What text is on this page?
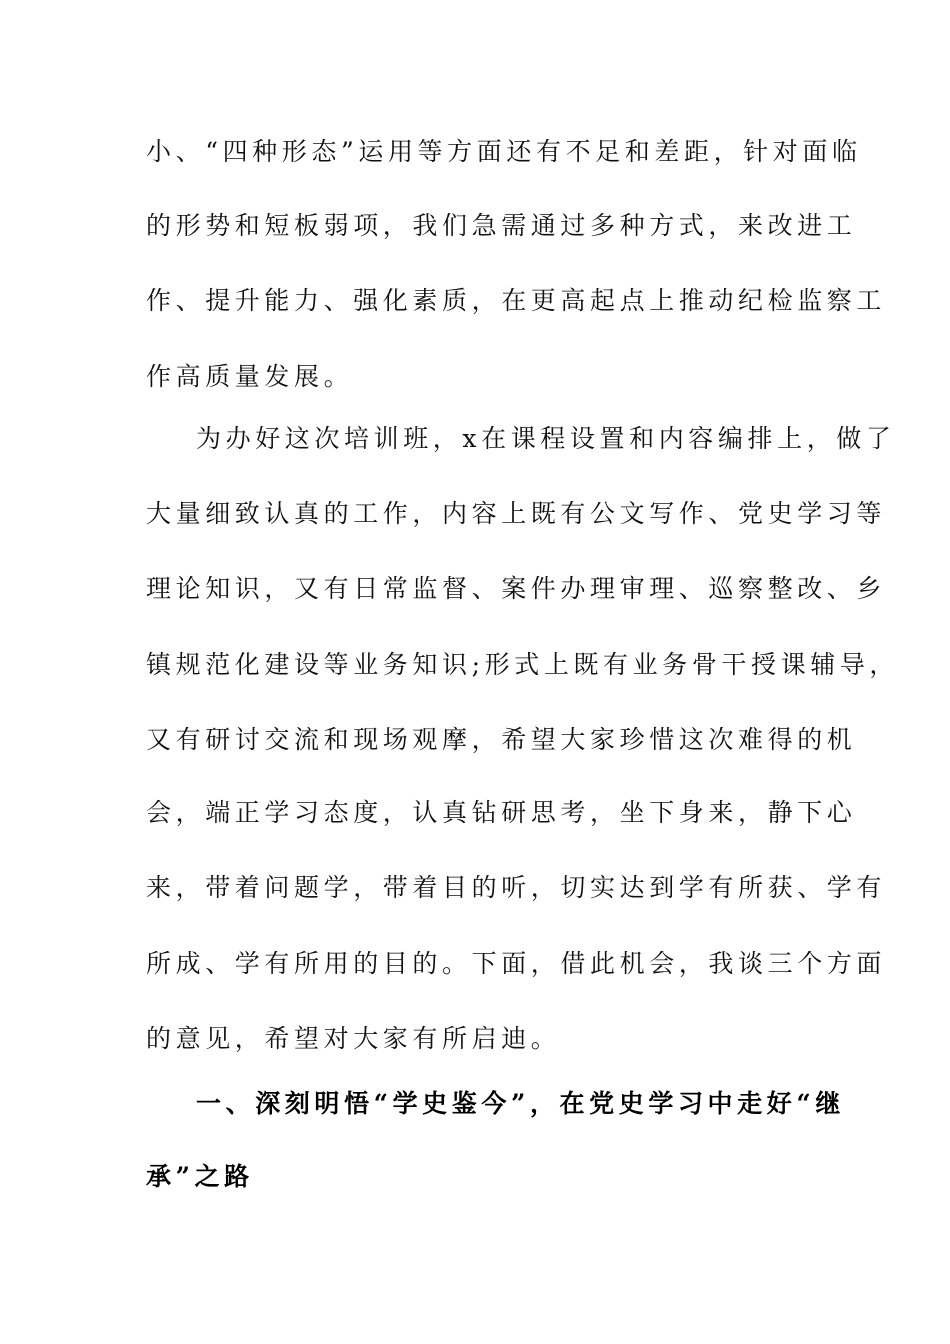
小、“四种形态”运用等方面还有不足和差距，针对面临
的形势和短板弱项，我们急需通过多种方式，来改进工
作、提升能力、强化素质，在更高起点上推动纪检监察工
作高质量发展。
为办好这次培训班，x在课程设置和内容编排上，做了
大量细致认真的工作，内容上既有公文写作、党史学习等
理论知识，又有日常监督、案件办理审理、巡察整改、乡
镇规范化建设等业务知识;形式上既有业务骨干授课辅导，
又有研讨交流和现场观摩，希望大家珍惜这次难得的机
会，端正学习态度，认真钻研思考，坐下身来，静下心
来，带着问题学，带着目的听，切实达到学有所获、学有
所成、学有所用的目的。下面，借此机会，我谈三个方面
的意见，希望对大家有所启迪。
一、深刻明悟“学史鉴今”，在党史学习中走好“继
承”之路
